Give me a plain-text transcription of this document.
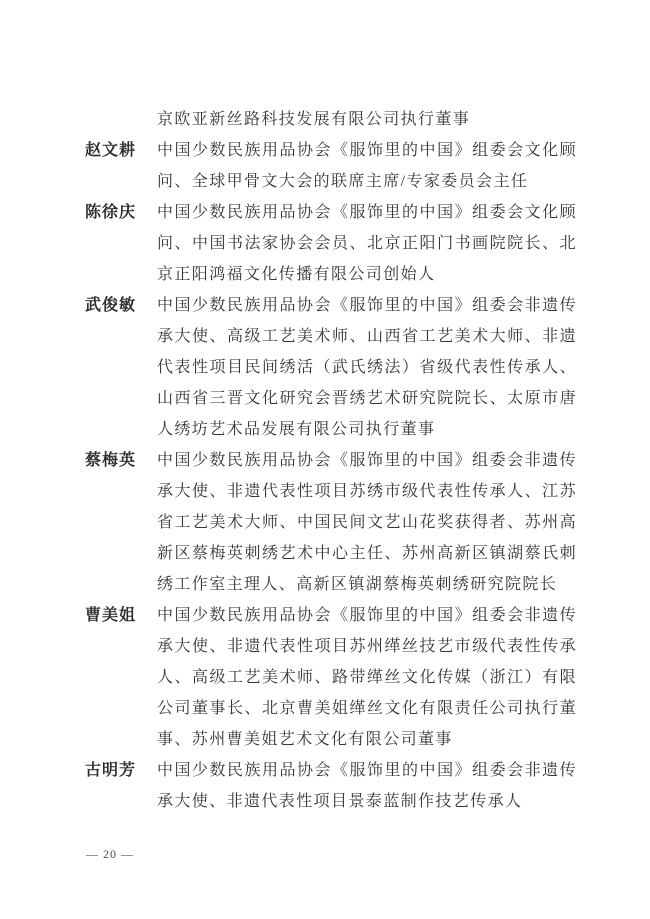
京欧亚新丝路科技发展有限公司执行董事
赵文耕	中国少数民族用品协会《服饰里的中国》组委会文化顾问、全球甲骨文大会的联席主席/专家委员会主任
陈徐庆	中国少数民族用品协会《服饰里的中国》组委会文化顾问、中国书法家协会会员、北京正阳门书画院院长、北京正阳鸿福文化传播有限公司创始人
武俊敏	中国少数民族用品协会《服饰里的中国》组委会非遗传承大使、高级工艺美术师、山西省工艺美术大师、非遗代表性项目民间绣活（武氏绣法）省级代表性传承人、山西省三晋文化研究会晋绣艺术研究院院长、太原市唐人绣坊艺术品发展有限公司执行董事
蔡梅英	中国少数民族用品协会《服饰里的中国》组委会非遗传承大使、非遗代表性项目苏绣市级代表性传承人、江苏省工艺美术大师、中国民间文艺山花奖获得者、苏州高新区蔡梅英刺绣艺术中心主任、苏州高新区镇湖蔡氏刺绣工作室主理人、高新区镇湖蔡梅英刺绣研究院院长
曹美姐	中国少数民族用品协会《服饰里的中国》组委会非遗传承大使、非遗代表性项目苏州缂丝技艺市级代表性传承人、高级工艺美术师、路带缂丝文化传媒（浙江）有限公司董事长、北京曹美姐缂丝文化有限责任公司执行董事、苏州曹美姐艺术文化有限公司董事
古明芳	中国少数民族用品协会《服饰里的中国》组委会非遗传承大使、非遗代表性项目景泰蓝制作技艺传承人
— 20 —
